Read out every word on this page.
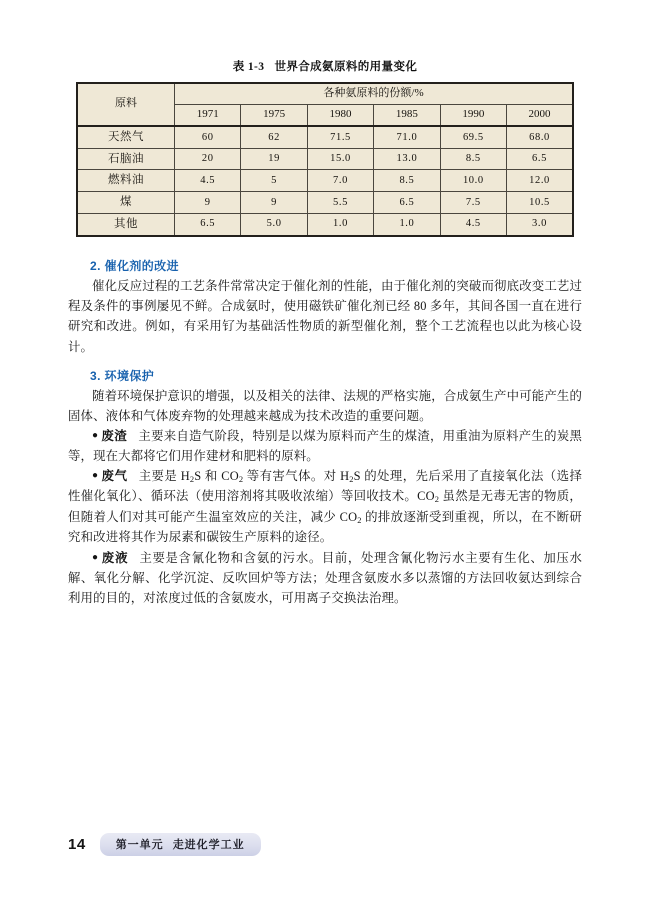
表 1-3 世界合成氨原料的用量变化
原料	各种氨原料的份额/%					
	1971	1975	1980	1985	1990	2000
天然气	60	62	71.5	71.0	69.5	68.0
石脑油	20	19	15.0	13.0	8.5	6.5
燃料油	4.5	5	7.0	8.5	10.0	12.0
煤	9	9	5.5	6.5	7.5	10.5
其他	6.5	5.0	1.0	1.0	4.5	3.0
2. 催化剂的改进

催化反应过程的工艺条件常常决定于催化剂的性能，由于催化剂的突破而彻底改变工艺过程及条件的事例屡见不鲜。合成氨时，使用磁铁矿催化剂已经 80 多年，其间各国一直在进行研究和改进。例如，有采用钌为基础活性物质的新型催化剂，整个工艺流程也以此为核心设计。

3. 环境保护

随着环境保护意识的增强，以及相关的法律、法规的严格实施，合成氨生产中可能产生的固体、液体和气体废弃物的处理越来越成为技术改造的重要问题。

● 废渣 主要来自造气阶段，特别是以煤为原料而产生的煤渣，用重油为原料产生的炭黑等，现在大都将它们用作建材和肥料的原料。

● 废气 主要是 $H_2S$ 和 $CO_2$ 等有害气体。对 $H_2S$ 的处理，先后采用了直接氧化法（选择性催化氧化）、循环法（使用溶剂将其吸收浓缩）等回收技术。$CO_2$ 虽然是无毒无害的物质，但随着人们对其可能产生温室效应的关注，减少 $CO_2$ 的排放逐渐受到重视，所以，在不断研究和改进将其作为尿素和碳铵生产原料的途径。

● 废液 主要是含氰化物和含氨的污水。目前，处理含氰化物污水主要有生化、加压水解、氧化分解、化学沉淀、反吹回炉等方法；处理含氨废水多以蒸馏的方法回收氨达到综合利用的目的，对浓度过低的含氨废水，可用离子交换法治理。

14	第一单元 走进化学工业
